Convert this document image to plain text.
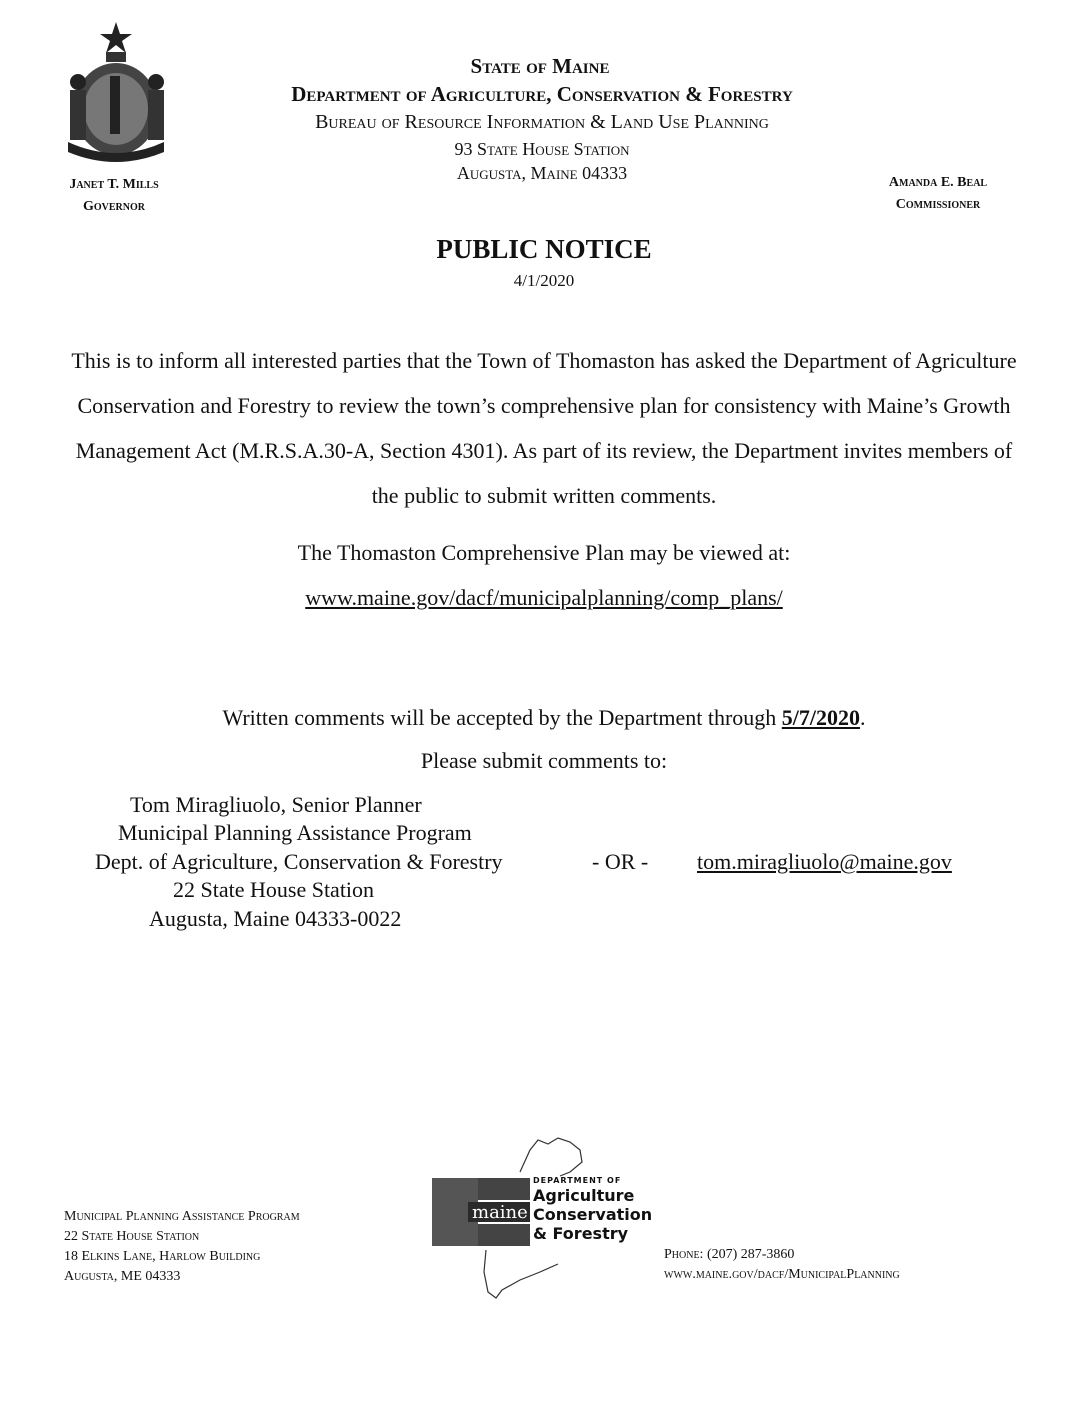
State of Maine
Department of Agriculture, Conservation & Forestry
Bureau of Resource Information & Land Use Planning
93 State House Station
Augusta, Maine 04333
Janet T. Mills
Governor
Amanda E. Beal
Commissioner
PUBLIC NOTICE
4/1/2020
This is to inform all interested parties that the Town of Thomaston has asked the Department of Agriculture Conservation and Forestry to review the town’s comprehensive plan for consistency with Maine’s Growth Management Act (M.R.S.A.30-A, Section 4301). As part of its review, the Department invites members of the public to submit written comments.
The Thomaston Comprehensive Plan may be viewed at:
www.maine.gov/dacf/municipalplanning/comp_plans/
Written comments will be accepted by the Department through 5/7/2020.
Please submit comments to:
Tom Miragliuolo, Senior Planner
Municipal Planning Assistance Program
Dept. of Agriculture, Conservation & Forestry	- OR - tom.miragliuolo@maine.gov
22 State House Station
Augusta, Maine 04333-0022
Municipal Planning Assistance Program
22 State House Station
18 Elkins Lane, Harlow Building
Augusta, ME 04333
Phone: (207) 287-3860
www.maine.gov/dacf/MunicipalPlanning
maine
DEPARTMENT OF
Agriculture
Conservation
& Forestry
